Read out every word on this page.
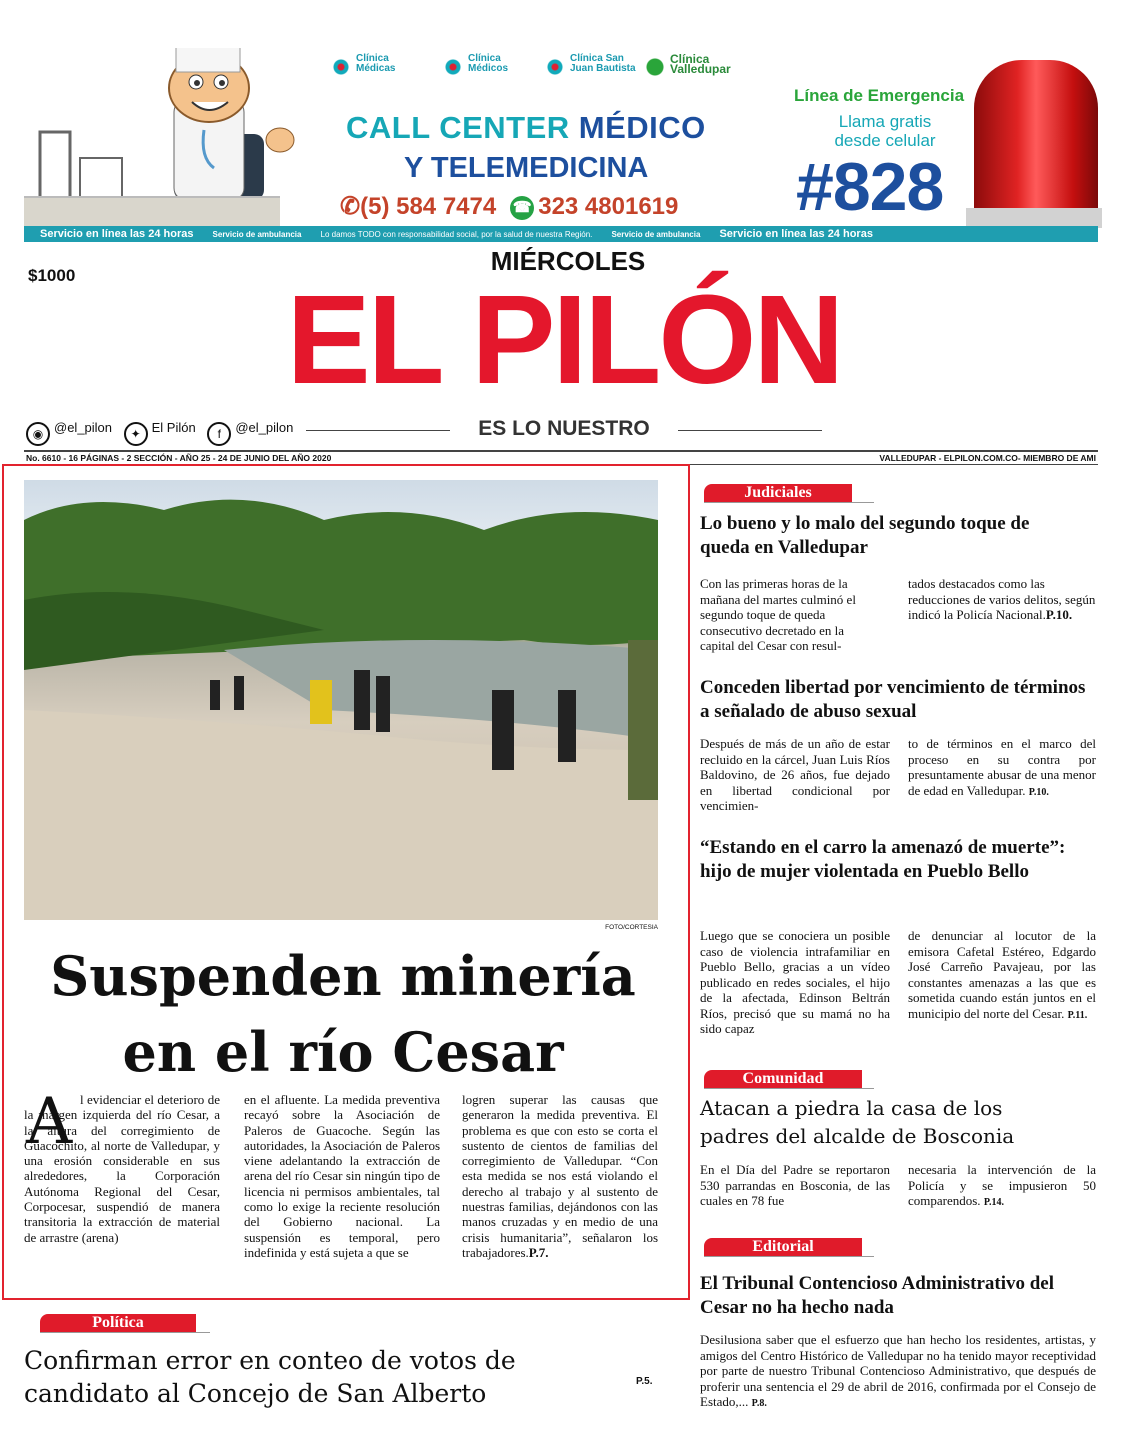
Clínica Médicas
Clínica Médicos
Clínica San Juan Bautista
Clínica Valledupar
CALL CENTER MÉDICO
Y TELEMEDICINA
✆(5) 584 7474 ☎ 323 4801619
Línea de Emergencia
Llama gratis
desde celular
#828
Servicio en línea las 24 horas Servicio de ambulancia Lo damos TODO con responsabilidad social, por la salud de nuestra Región. Servicio de ambulancia Servicio en línea las 24 horas
$1000	MIÉRCOLES
EL PILÓN
◉ @el_pilon ✦ El Pilón f @el_pilon	ES LO NUESTRO
No. 6610 - 16 PÁGINAS - 2 SECCIÓN - AÑO 25 - 24 DE JUNIO DEL AÑO 2020	VALLEDUPAR - ELPILON.COM.CO- MIEMBRO DE AMI
FOTO/CORTESIA
Suspenden minería
en el río Cesar
A l evidenciar el deterioro de la margen izquierda del río Cesar, a la altura del corregimiento de Guacochito, al norte de Valledupar, y una erosión considerable en sus alrededores, la Corporación Autónoma Regional del Cesar, Corpocesar, suspendió de manera transitoria la extracción de material de arrastre (arena)
en el afluente. La medida preventiva recayó sobre la Asociación de Paleros de Guacoche. Según las autoridades, la Asociación de Paleros viene adelantando la extracción de arena del río Cesar sin ningún tipo de licencia ni permisos ambientales, tal como lo exige la reciente resolución del Gobierno nacional. La suspensión es temporal, pero indefinida y está sujeta a que se
logren superar las causas que generaron la medida preventiva. El problema es que con esto se corta el sustento de cientos de familias del corregimiento de Valledupar. “Con esta medida se nos está violando el derecho al trabajo y al sustento de nuestras familias, dejándonos con las manos cruzadas y en medio de una crisis humanitaria”, señalaron los trabajadores.P.7.
Judiciales
Lo bueno y lo malo del segundo toque de queda en Valledupar
Con las primeras horas de la mañana del martes culminó el segundo toque de queda consecutivo decretado en la capital del Cesar con resul-
tados destacados como las reducciones de varios delitos, según indicó la Policía Nacional.P.10.
Conceden libertad por vencimiento de términos a señalado de abuso sexual
Después de más de un año de estar recluido en la cárcel, Juan Luis Ríos Baldovino, de 26 años, fue dejado en libertad condicional por vencimien-
to de términos en el marco del proceso en su contra por presuntamente abusar de una menor de edad en Valledupar. P.10.
“Estando en el carro la amenazó de muerte”: hijo de mujer violentada en Pueblo Bello
Luego que se conociera un posible caso de violencia intrafamiliar en Pueblo Bello, gracias a un vídeo publicado en redes sociales, el hijo de la afectada, Edinson Beltrán Ríos, precisó que su mamá no ha sido capaz
de denunciar al locutor de la emisora Cafetal Estéreo, Edgardo José Carreño Pavajeau, por las constantes amenazas a las que es sometida cuando están juntos en el municipio del norte del Cesar. P.11.
Comunidad
Atacan a piedra la casa de los padres del alcalde de Bosconia
En el Día del Padre se reportaron 530 parrandas en Bosconia, de las cuales en 78 fue
necesaria la intervención de la Policía y se impusieron 50 comparendos. P.14.
Editorial
El Tribunal Contencioso Administrativo del Cesar no ha hecho nada
Desilusiona saber que el esfuerzo que han hecho los residentes, artistas, y amigos del Centro Histórico de Valledupar no ha tenido mayor receptividad por parte de nuestro Tribunal Contencioso Administrativo, que después de proferir una sentencia el 29 de abril de 2016, confirmada por el Consejo de Estado,... P.8.
Política
Confirman error en conteo de votos de candidato al Concejo de San Alberto	P.5.
